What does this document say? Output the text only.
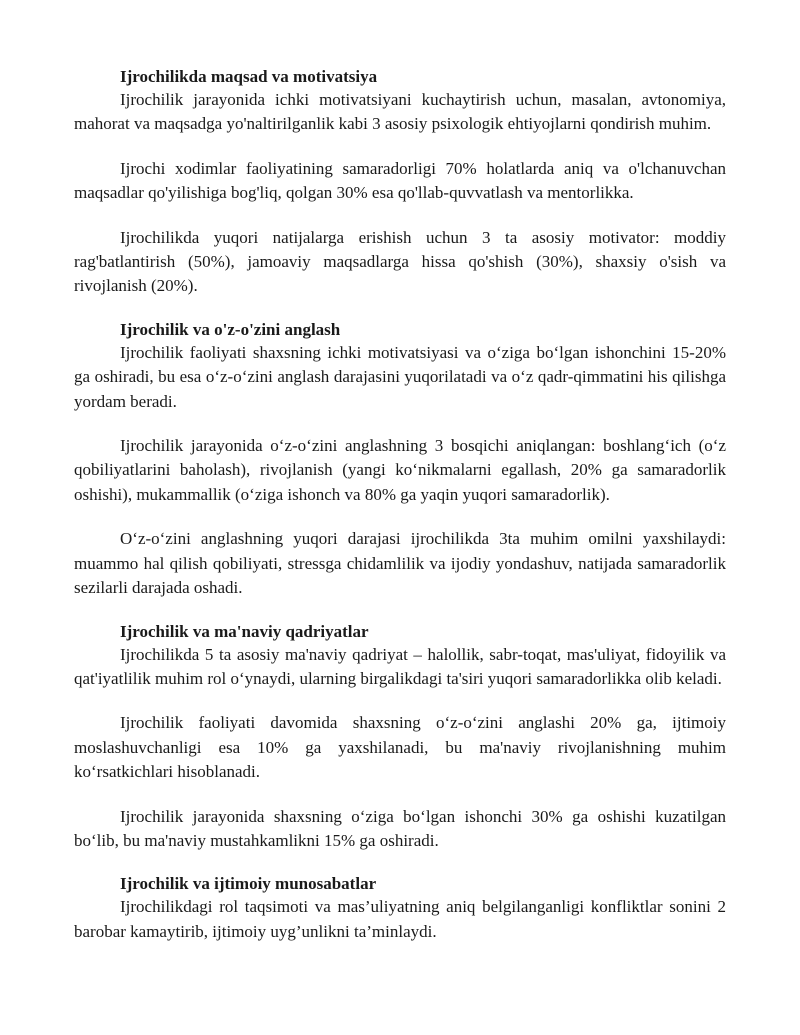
Ijrochilikda maqsad va motivatsiya

Ijrochilik jarayonida ichki motivatsiyani kuchaytirish uchun, masalan, avtonomiya, mahorat va maqsadga yo'naltirilganlik kabi 3 asosiy psixologik ehtiyojlarni qondirish muhim.

Ijrochi xodimlar faoliyatining samaradorligi 70% holatlarda aniq va o'lchanuvchan maqsadlar qo'yilishiga bog'liq, qolgan 30% esa qo'llab-quvvatlash va mentorlikka.

Ijrochilikda yuqori natijalarga erishish uchun 3 ta asosiy motivator: moddiy rag'batlantirish (50%), jamoaviy maqsadlarga hissa qo'shish (30%), shaxsiy o'sish va rivojlanish (20%).

Ijrochilik va o'z-o'zini anglash

Ijrochilik faoliyati shaxsning ichki motivatsiyasi va o‘ziga bo‘lgan ishonchini 15-20% ga oshiradi, bu esa o‘z-o‘zini anglash darajasini yuqorilatadi va o‘z qadr-qimmatini his qilishga yordam beradi.

Ijrochilik jarayonida o‘z-o‘zini anglashning 3 bosqichi aniqlangan: boshlang‘ich (o‘z qobiliyatlarini baholash), rivojlanish (yangi ko‘nikmalarni egallash, 20% ga samaradorlik oshishi), mukammallik (o‘ziga ishonch va 80% ga yaqin yuqori samaradorlik).

O‘z-o‘zini anglashning yuqori darajasi ijrochilikda 3ta muhim omilni yaxshilaydi: muammo hal qilish qobiliyati, stressga chidamlilik va ijodiy yondashuv, natijada samaradorlik sezilarli darajada oshadi.

Ijrochilik va ma'naviy qadriyatlar

Ijrochilikda 5 ta asosiy ma'naviy qadriyat – halollik, sabr-toqat, mas'uliyat, fidoyilik va qat'iyatlilik muhim rol o‘ynaydi, ularning birgalikdagi ta'siri yuqori samaradorlikka olib keladi.

Ijrochilik faoliyati davomida shaxsning o‘z-o‘zini anglashi 20% ga, ijtimoiy moslashuvchanligi esa 10% ga yaxshilanadi, bu ma'naviy rivojlanishning muhim ko‘rsatkichlari hisoblanadi.

Ijrochilik jarayonida shaxsning o‘ziga bo‘lgan ishonchi 30% ga oshishi kuzatilgan bo‘lib, bu ma'naviy mustahkamlikni 15% ga oshiradi.

Ijrochilik va ijtimoiy munosabatlar

Ijrochilikdagi rol taqsimoti va mas’uliyatning aniq belgilanganligi konfliktlar sonini 2 barobar kamaytirib, ijtimoiy uyg’unlikni ta’minlaydi.
